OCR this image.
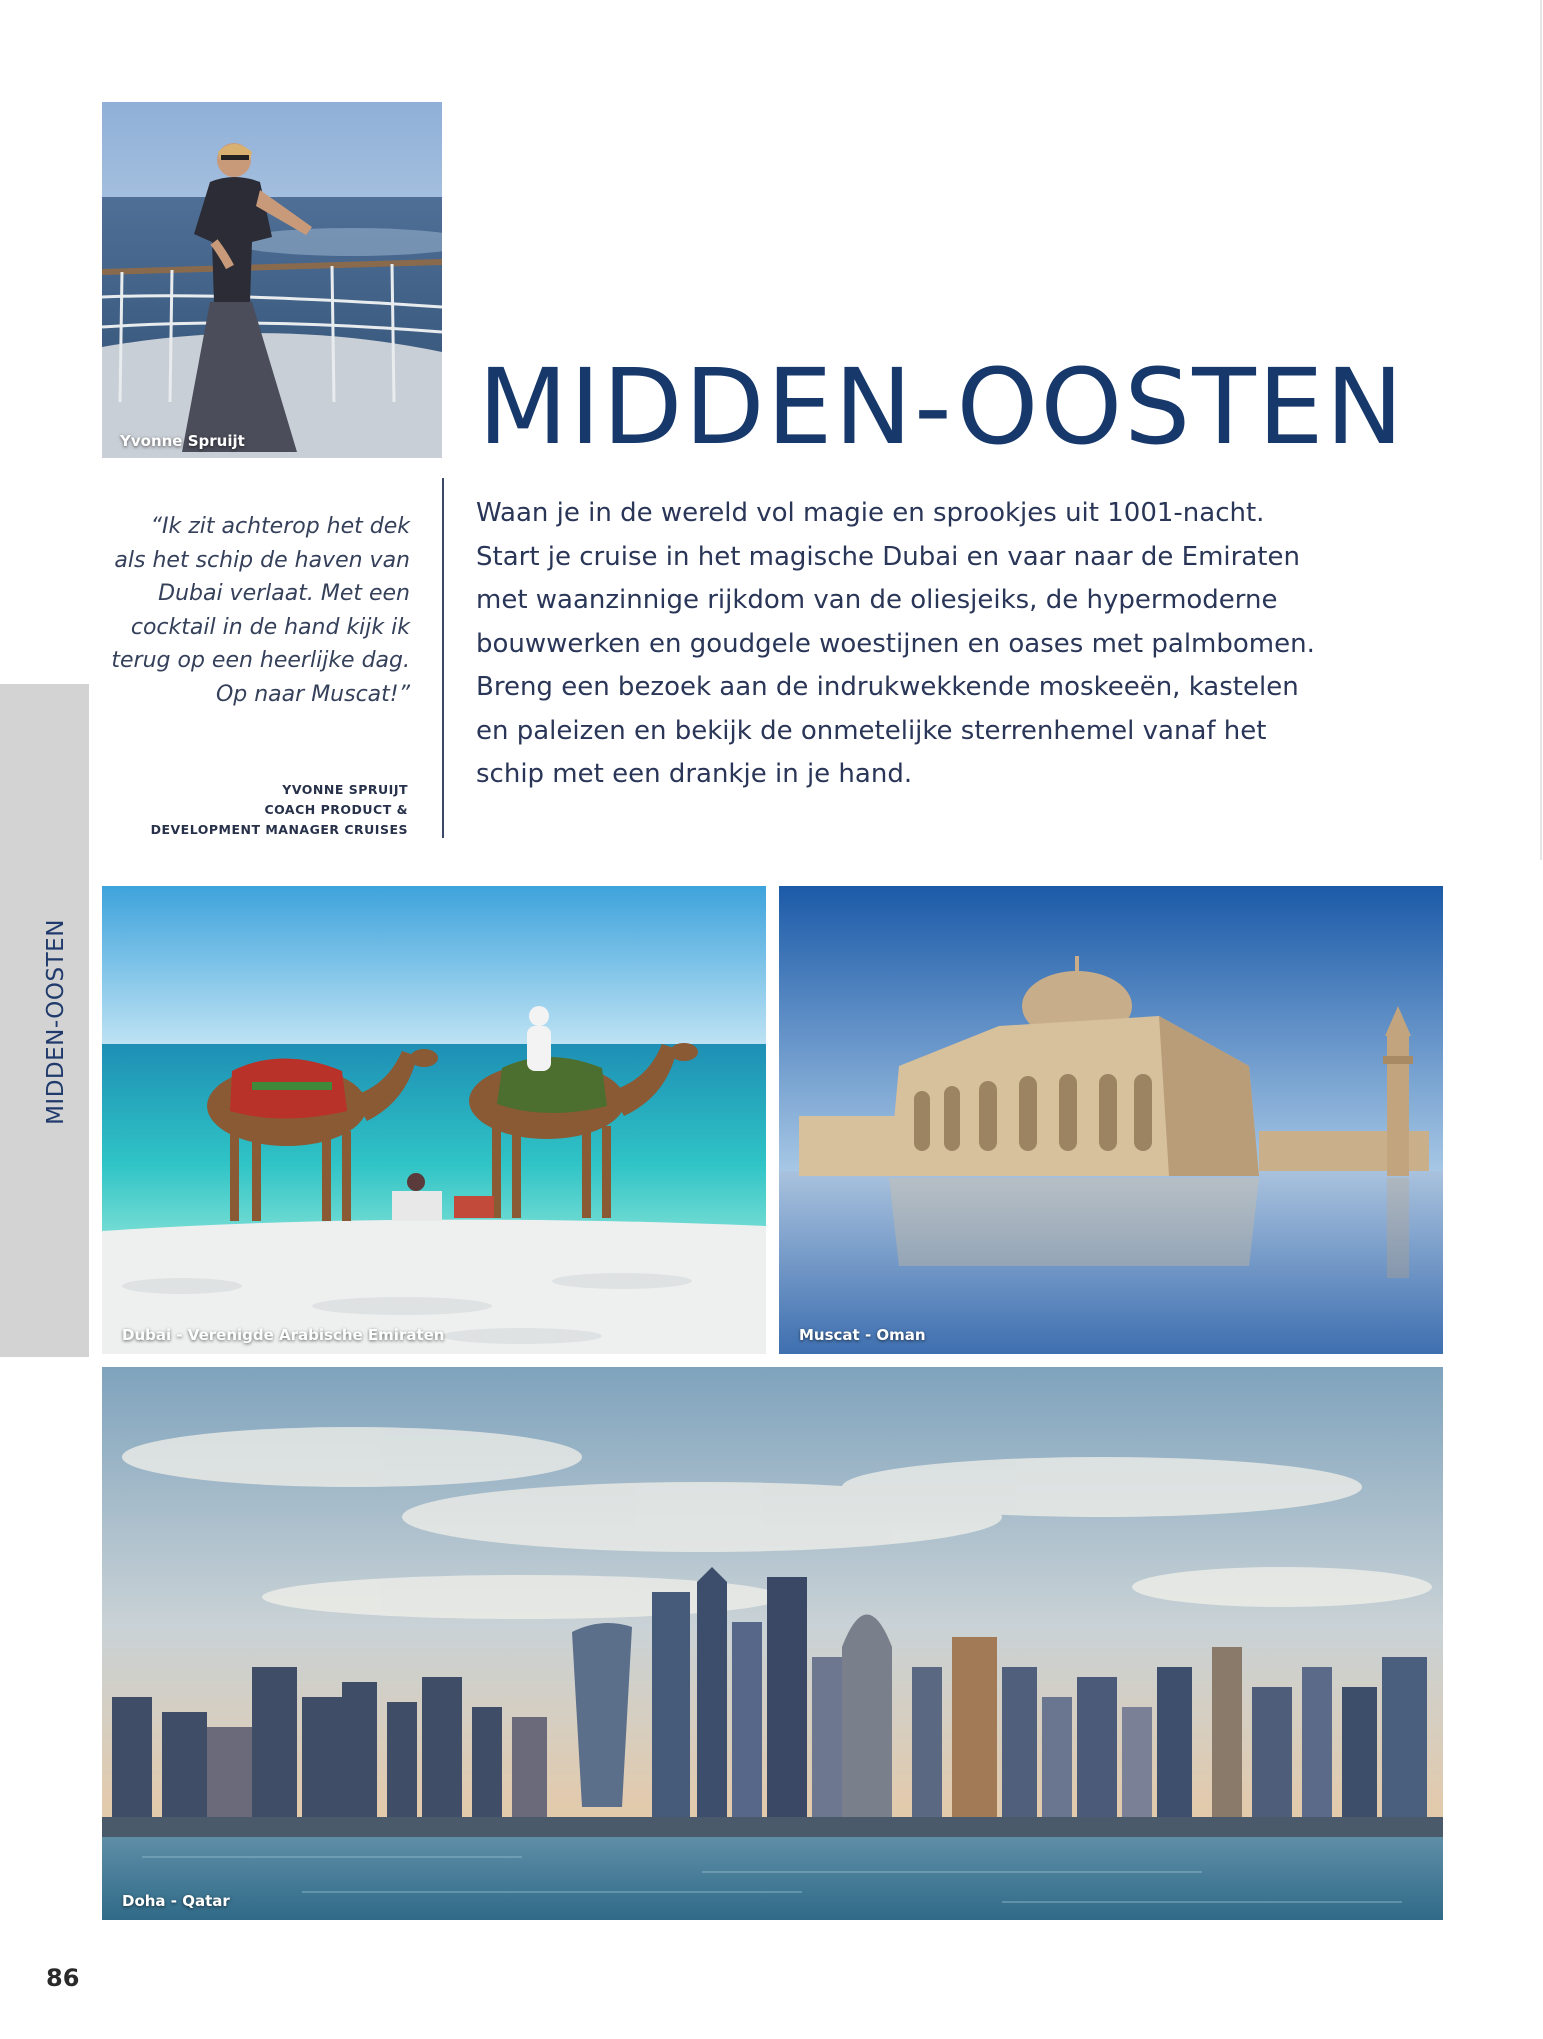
Yvonne Spruijt MIDDEN-OOSTEN
“Ik zit achterop het dek
als het schip de haven van
Dubai verlaat. Met een
cocktail in de hand kijk ik
terug op een heerlijke dag.
Op naar Muscat!”
YVONNE SPRUIJT
COACH PRODUCT &
DEVELOPMENT MANAGER CRUISES
Waan je in de wereld vol magie en sprookjes uit 1001-nacht.
Start je cruise in het magische Dubai en vaar naar de Emiraten
met waanzinnige rijkdom van de oliesjeiks, de hypermoderne
bouwwerken en goudgele woestijnen en oases met palmbomen.
Breng een bezoek aan de indrukwekkende moskeeën, kastelen
en paleizen en bekijk de onmetelijke sterrenhemel vanaf het
schip met een drankje in je hand.
MIDDEN-OOSTEN
Dubai - Verenigde Arabische Emiraten	Muscat - Oman
Doha - Qatar
86
